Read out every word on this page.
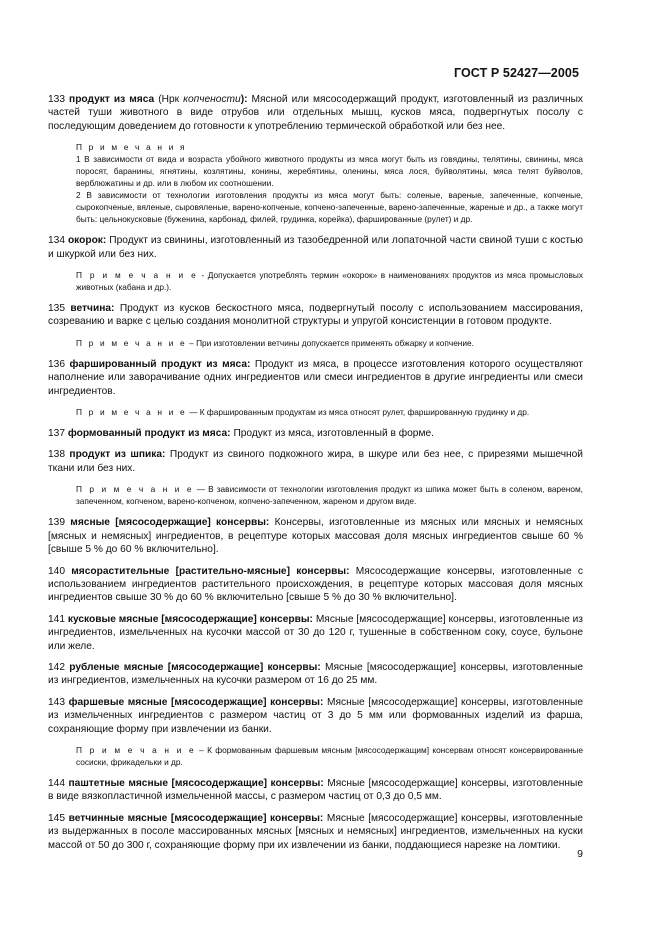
ГОСТ Р 52427—2005

133 продукт из мяса (Нрк копчености): Мясной или мясосодержащий продукт, изготовленный из различных частей туши животного в виде отрубов или отдельных мышц, кусков мяса, подвергнутых посолу с последующим доведением до готовности к употреблению термической обработкой или без нее.

П р и м е ч а н и я

1 В зависимости от вида и возраста убойного животного продукты из мяса могут быть из говядины, телятины, свинины, мяса поросят, баранины, ягнятины, козлятины, конины, жеребятины, оленины, мяса лося, буйволятины, мяса телят буйволов, верблюжатины и др. или в любом их соотношении.

2 В зависимости от технологии изготовления продукты из мяса могут быть: соленые, вареные, запеченные, копченые, сырокопченые, вяленые, сыровяленые, варено-копченые, копчено-запеченные, варено-запеченные, жареные и др., а также могут быть: цельнокусковые (буженина, карбонад, филей, грудинка, корейка), фаршированные (рулет) и др.

134 окорок: Продукт из свинины, изготовленный из тазобедренной или лопаточной части свиной туши с костью и шкуркой или без них.

П р и м е ч а н и е - Допускается употреблять термин «окорок» в наименованиях продуктов из мяса промысловых животных (кабана и др.).

135 ветчина: Продукт из кусков бескостного мяса, подвергнутый посолу с использованием массирования, созреванию и варке с целью создания монолитной структуры и упругой консистенции в готовом продукте.

П р и м е ч а н и е – При изготовлении ветчины допускается применять обжарку и копчение.

136 фаршированный продукт из мяса: Продукт из мяса, в процессе изготовления которого осуществляют наполнение или заворачивание одних ингредиентов или смеси ингредиентов в другие ингредиенты или смеси ингредиентов.

П р и м е ч а н и е — К фаршированным продуктам из мяса относят рулет, фаршированную грудинку и др.

137 формованный продукт из мяса: Продукт из мяса, изготовленный в форме.

138 продукт из шпика: Продукт из свиного подкожного жира, в шкуре или без нее, с прирезями мышечной ткани или без них.

П р и м е ч а н и е — В зависимости от технологии изготовления продукт из шпика может быть в соленом, вареном, запеченном, копченом, варено-копченом, копчено-запеченном, жареном и другом виде.

139 мясные [мясосодержащие] консервы: Консервы, изготовленные из мясных или мясных и немясных [мясных и немясных] ингредиентов, в рецептуре которых массовая доля мясных ингредиентов свыше 60 % [свыше 5 % до 60 % включительно].

140 мясорастительные [растительно-мясные] консервы: Мясосодержащие консервы, изготовленные с использованием ингредиентов растительного происхождения, в рецептуре которых массовая доля мясных ингредиентов свыше 30 % до 60 % включительно [свыше 5 % до 30 % включительно].

141 кусковые мясные [мясосодержащие] консервы: Мясные [мясосодержащие] консервы, изготовленные из ингредиентов, измельченных на кусочки массой от 30 до 120 г, тушенные в собственном соку, соусе, бульоне или желе.

142 рубленые мясные [мясосодержащие] консервы: Мясные [мясосодержащие] консервы, изготовленные из ингредиентов, измельченных на кусочки размером от 16 до 25 мм.

143 фаршевые мясные [мясосодержащие] консервы: Мясные [мясосодержащие] консервы, изготовленные из измельченных ингредиентов с размером частиц от 3 до 5 мм или формованных изделий из фарша, сохраняющие форму при извлечении из банки.

П р и м е ч а н и е – К формованным фаршевым мясным [мясосодержащим] консервам относят консервированные сосиски, фрикадельки и др.

144 паштетные мясные [мясосодержащие] консервы: Мясные [мясосодержащие] консервы, изготовленные в виде вязкопластичной измельченной массы, с размером частиц от 0,3 до 0,5 мм.

145 ветчинные мясные [мясосодержащие] консервы: Мясные [мясосодержащие] консервы, изготовленные из выдержанных в посоле массированных мясных [мясных и немясных] ингредиентов, измельченных на куски массой от 50 до 300 г, сохраняющие форму при их извлечении из банки, поддающиеся нарезке на ломтики.

9
